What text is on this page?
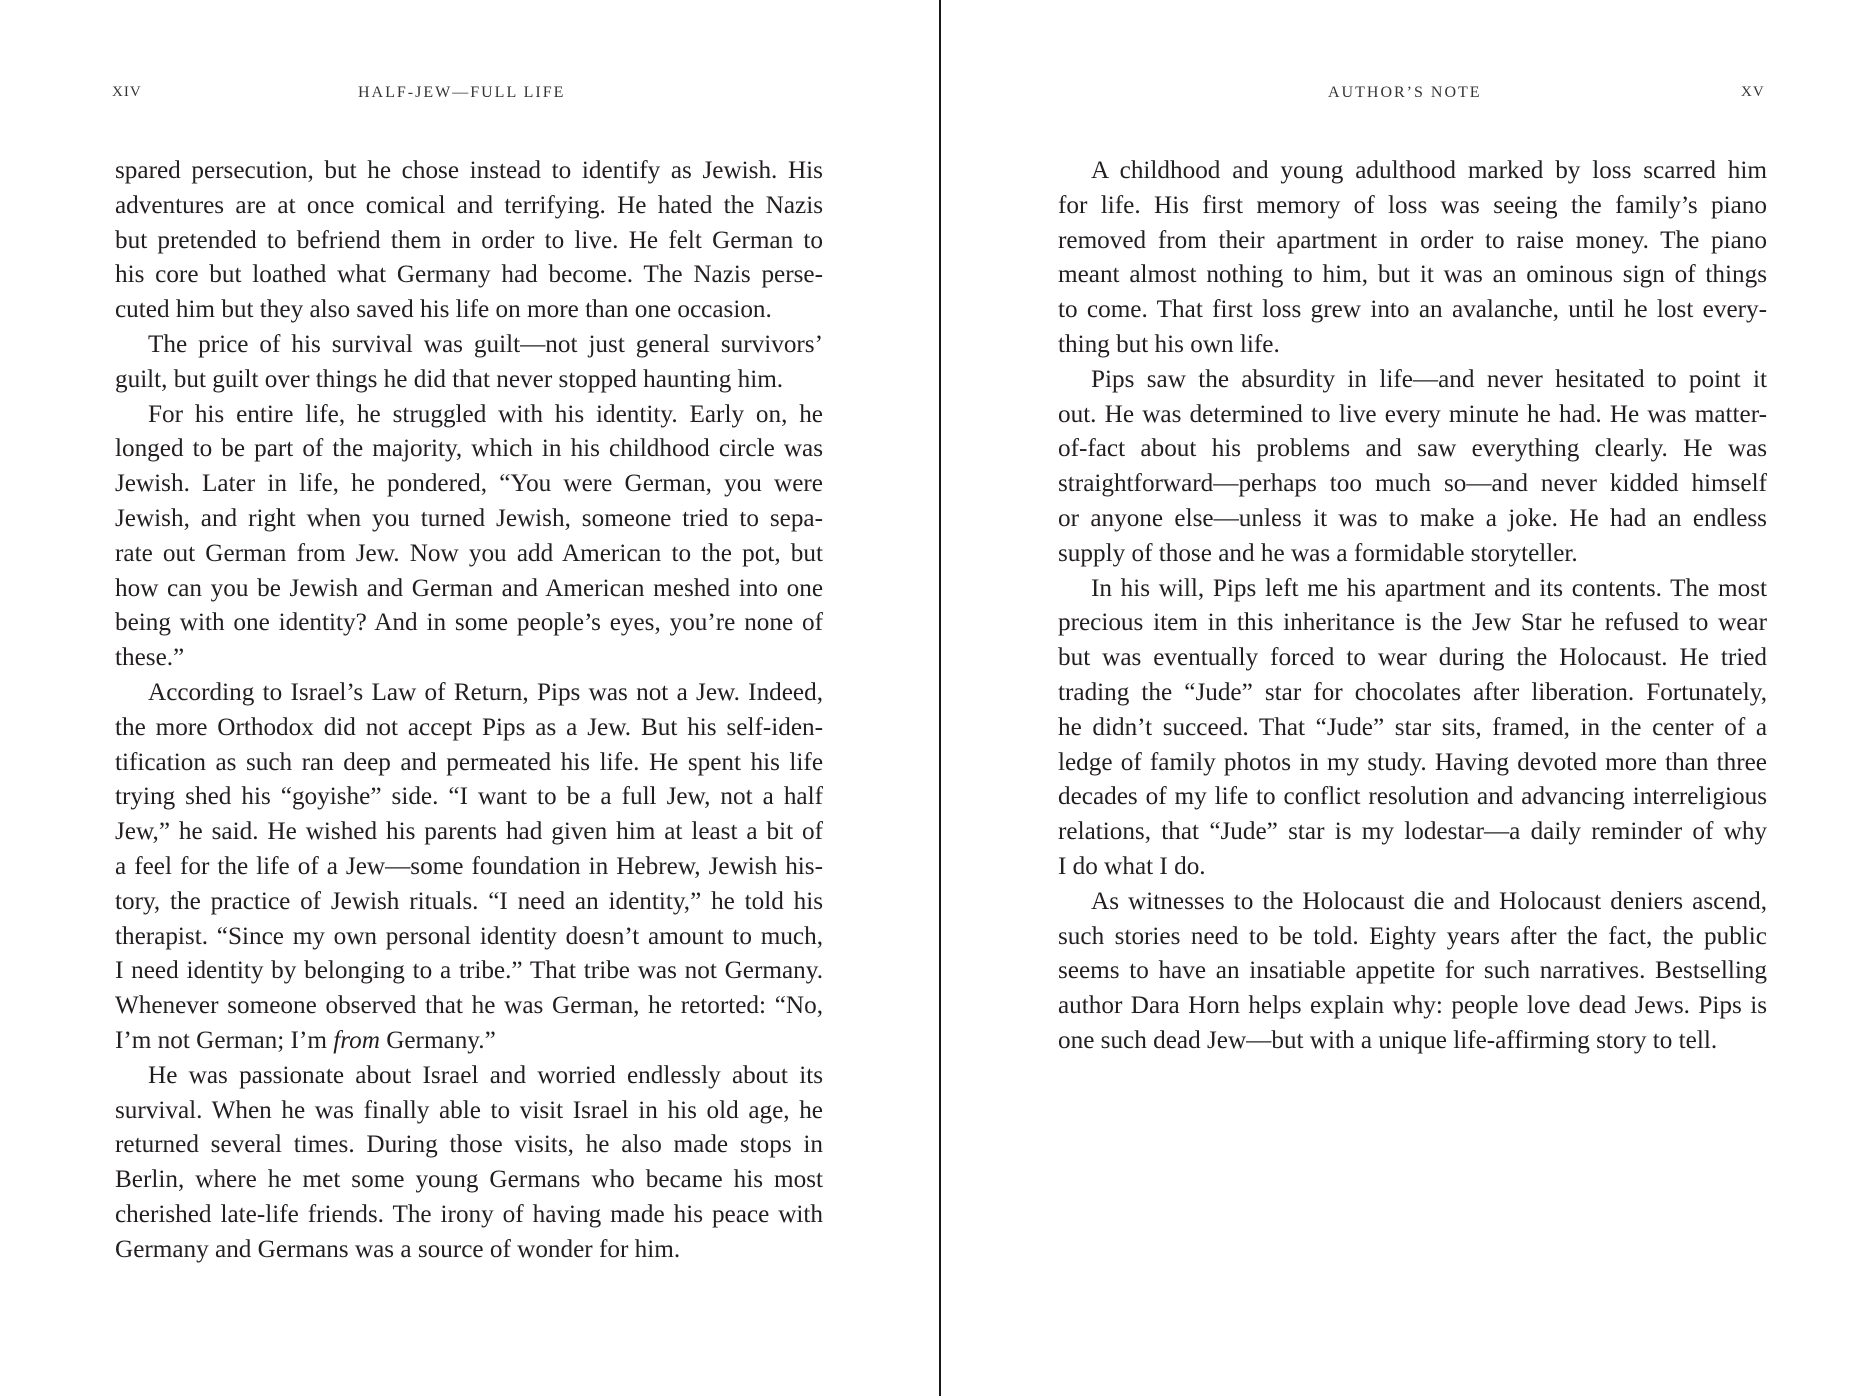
XIV	HALF-JEW—FULL LIFE
spared persecution, but he chose instead to identify as Jewish. His
adventures are at once comical and terrifying. He hated the Nazis
but pretended to befriend them in order to live. He felt German to
his core but loathed what Germany had become. The Nazis perse-
cuted him but they also saved his life on more than one occasion.
The price of his survival was guilt—not just general survivors’
guilt, but guilt over things he did that never stopped haunting him.
For his entire life, he struggled with his identity. Early on, he
longed to be part of the majority, which in his childhood circle was
Jewish. Later in life, he pondered, “You were German, you were
Jewish, and right when you turned Jewish, someone tried to sepa-
rate out German from Jew. Now you add American to the pot, but
how can you be Jewish and German and American meshed into one
being with one identity? And in some people’s eyes, you’re none of
these.”
According to Israel’s Law of Return, Pips was not a Jew. Indeed,
the more Orthodox did not accept Pips as a Jew. But his self-iden-
tification as such ran deep and permeated his life. He spent his life
trying shed his “goyishe” side. “I want to be a full Jew, not a half
Jew,” he said. He wished his parents had given him at least a bit of
a feel for the life of a Jew—some foundation in Hebrew, Jewish his-
tory, the practice of Jewish rituals. “I need an identity,” he told his
therapist. “Since my own personal identity doesn’t amount to much,
I need identity by belonging to a tribe.” That tribe was not Germany.
Whenever someone observed that he was German, he retorted: “No,
I’m not German; I’m from Germany.”
He was passionate about Israel and worried endlessly about its
survival. When he was finally able to visit Israel in his old age, he
returned several times. During those visits, he also made stops in
Berlin, where he met some young Germans who became his most
cherished late-life friends. The irony of having made his peace with
Germany and Germans was a source of wonder for him.
AUTHOR’S NOTE	XV
A childhood and young adulthood marked by loss scarred him
for life. His first memory of loss was seeing the family’s piano
removed from their apartment in order to raise money. The piano
meant almost nothing to him, but it was an ominous sign of things
to come. That first loss grew into an avalanche, until he lost every-
thing but his own life.
Pips saw the absurdity in life—and never hesitated to point it
out. He was determined to live every minute he had. He was matter-
of-fact about his problems and saw everything clearly. He was
straightforward—perhaps too much so—and never kidded himself
or anyone else—unless it was to make a joke. He had an endless
supply of those and he was a formidable storyteller.
In his will, Pips left me his apartment and its contents. The most
precious item in this inheritance is the Jew Star he refused to wear
but was eventually forced to wear during the Holocaust. He tried
trading the “Jude” star for chocolates after liberation. Fortunately,
he didn’t succeed. That “Jude” star sits, framed, in the center of a
ledge of family photos in my study. Having devoted more than three
decades of my life to conflict resolution and advancing interreligious
relations, that “Jude” star is my lodestar—a daily reminder of why
I do what I do.
As witnesses to the Holocaust die and Holocaust deniers ascend,
such stories need to be told. Eighty years after the fact, the public
seems to have an insatiable appetite for such narratives. Bestselling
author Dara Horn helps explain why: people love dead Jews. Pips is
one such dead Jew—but with a unique life-affirming story to tell.
